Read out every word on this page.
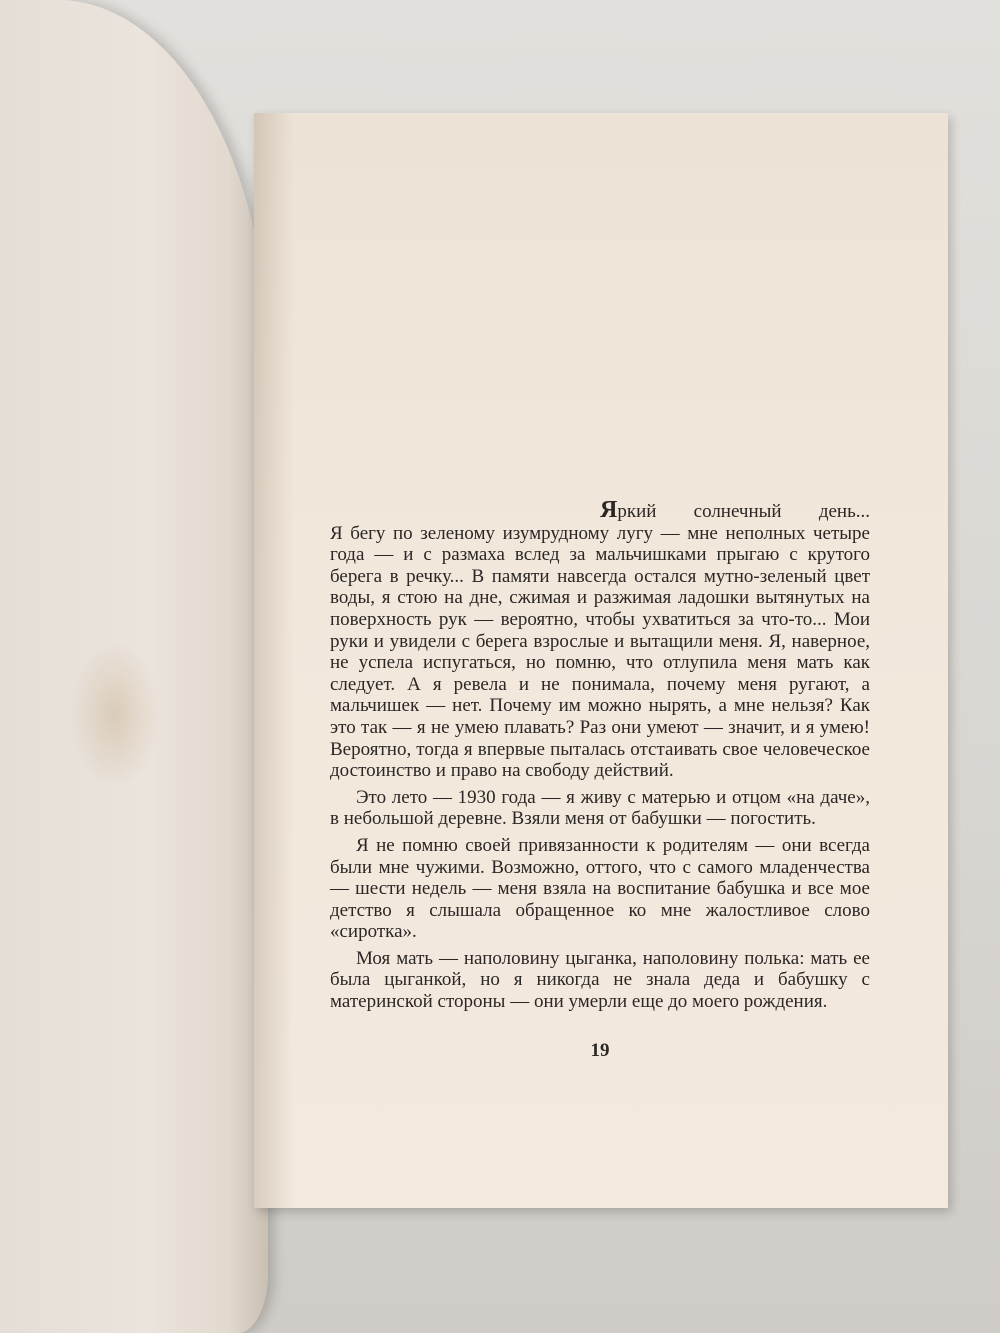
Яркий солнечный день...

Я бегу по зеленому изумрудному лугу — мне неполных четыре года — и с размаха вслед за мальчишками прыгаю с крутого берега в речку... В памяти навсегда остался мутно-зеленый цвет воды, я стою на дне, сжимая и разжимая ладошки вытянутых на поверхность рук — вероятно, чтобы ухватиться за что-то... Мои руки и увидели с берега взрослые и вытащили меня. Я, наверное, не успела испугаться, но помню, что отлупила меня мать как следует. А я ревела и не понимала, почему меня ругают, а мальчишек — нет. Почему им можно нырять, а мне нельзя? Как это так — я не умею плавать? Раз они умеют — значит, и я умею! Вероятно, тогда я впервые пыталась отстаивать свое человеческое достоинство и право на свободу действий.

Это лето — 1930 года — я живу с матерью и отцом «на даче», в небольшой деревне. Взяли меня от бабушки — погостить.

Я не помню своей привязанности к родителям — они всегда были мне чужими. Возможно, оттого, что с самого младенчества — шести недель — меня взяла на воспитание бабушка и все мое детство я слышала обращенное ко мне жалостливое слово «сиротка».

Моя мать — наполовину цыганка, наполовину полька: мать ее была цыганкой, но я никогда не знала деда и бабушку с материнской стороны — они умерли еще до моего рождения.

19
